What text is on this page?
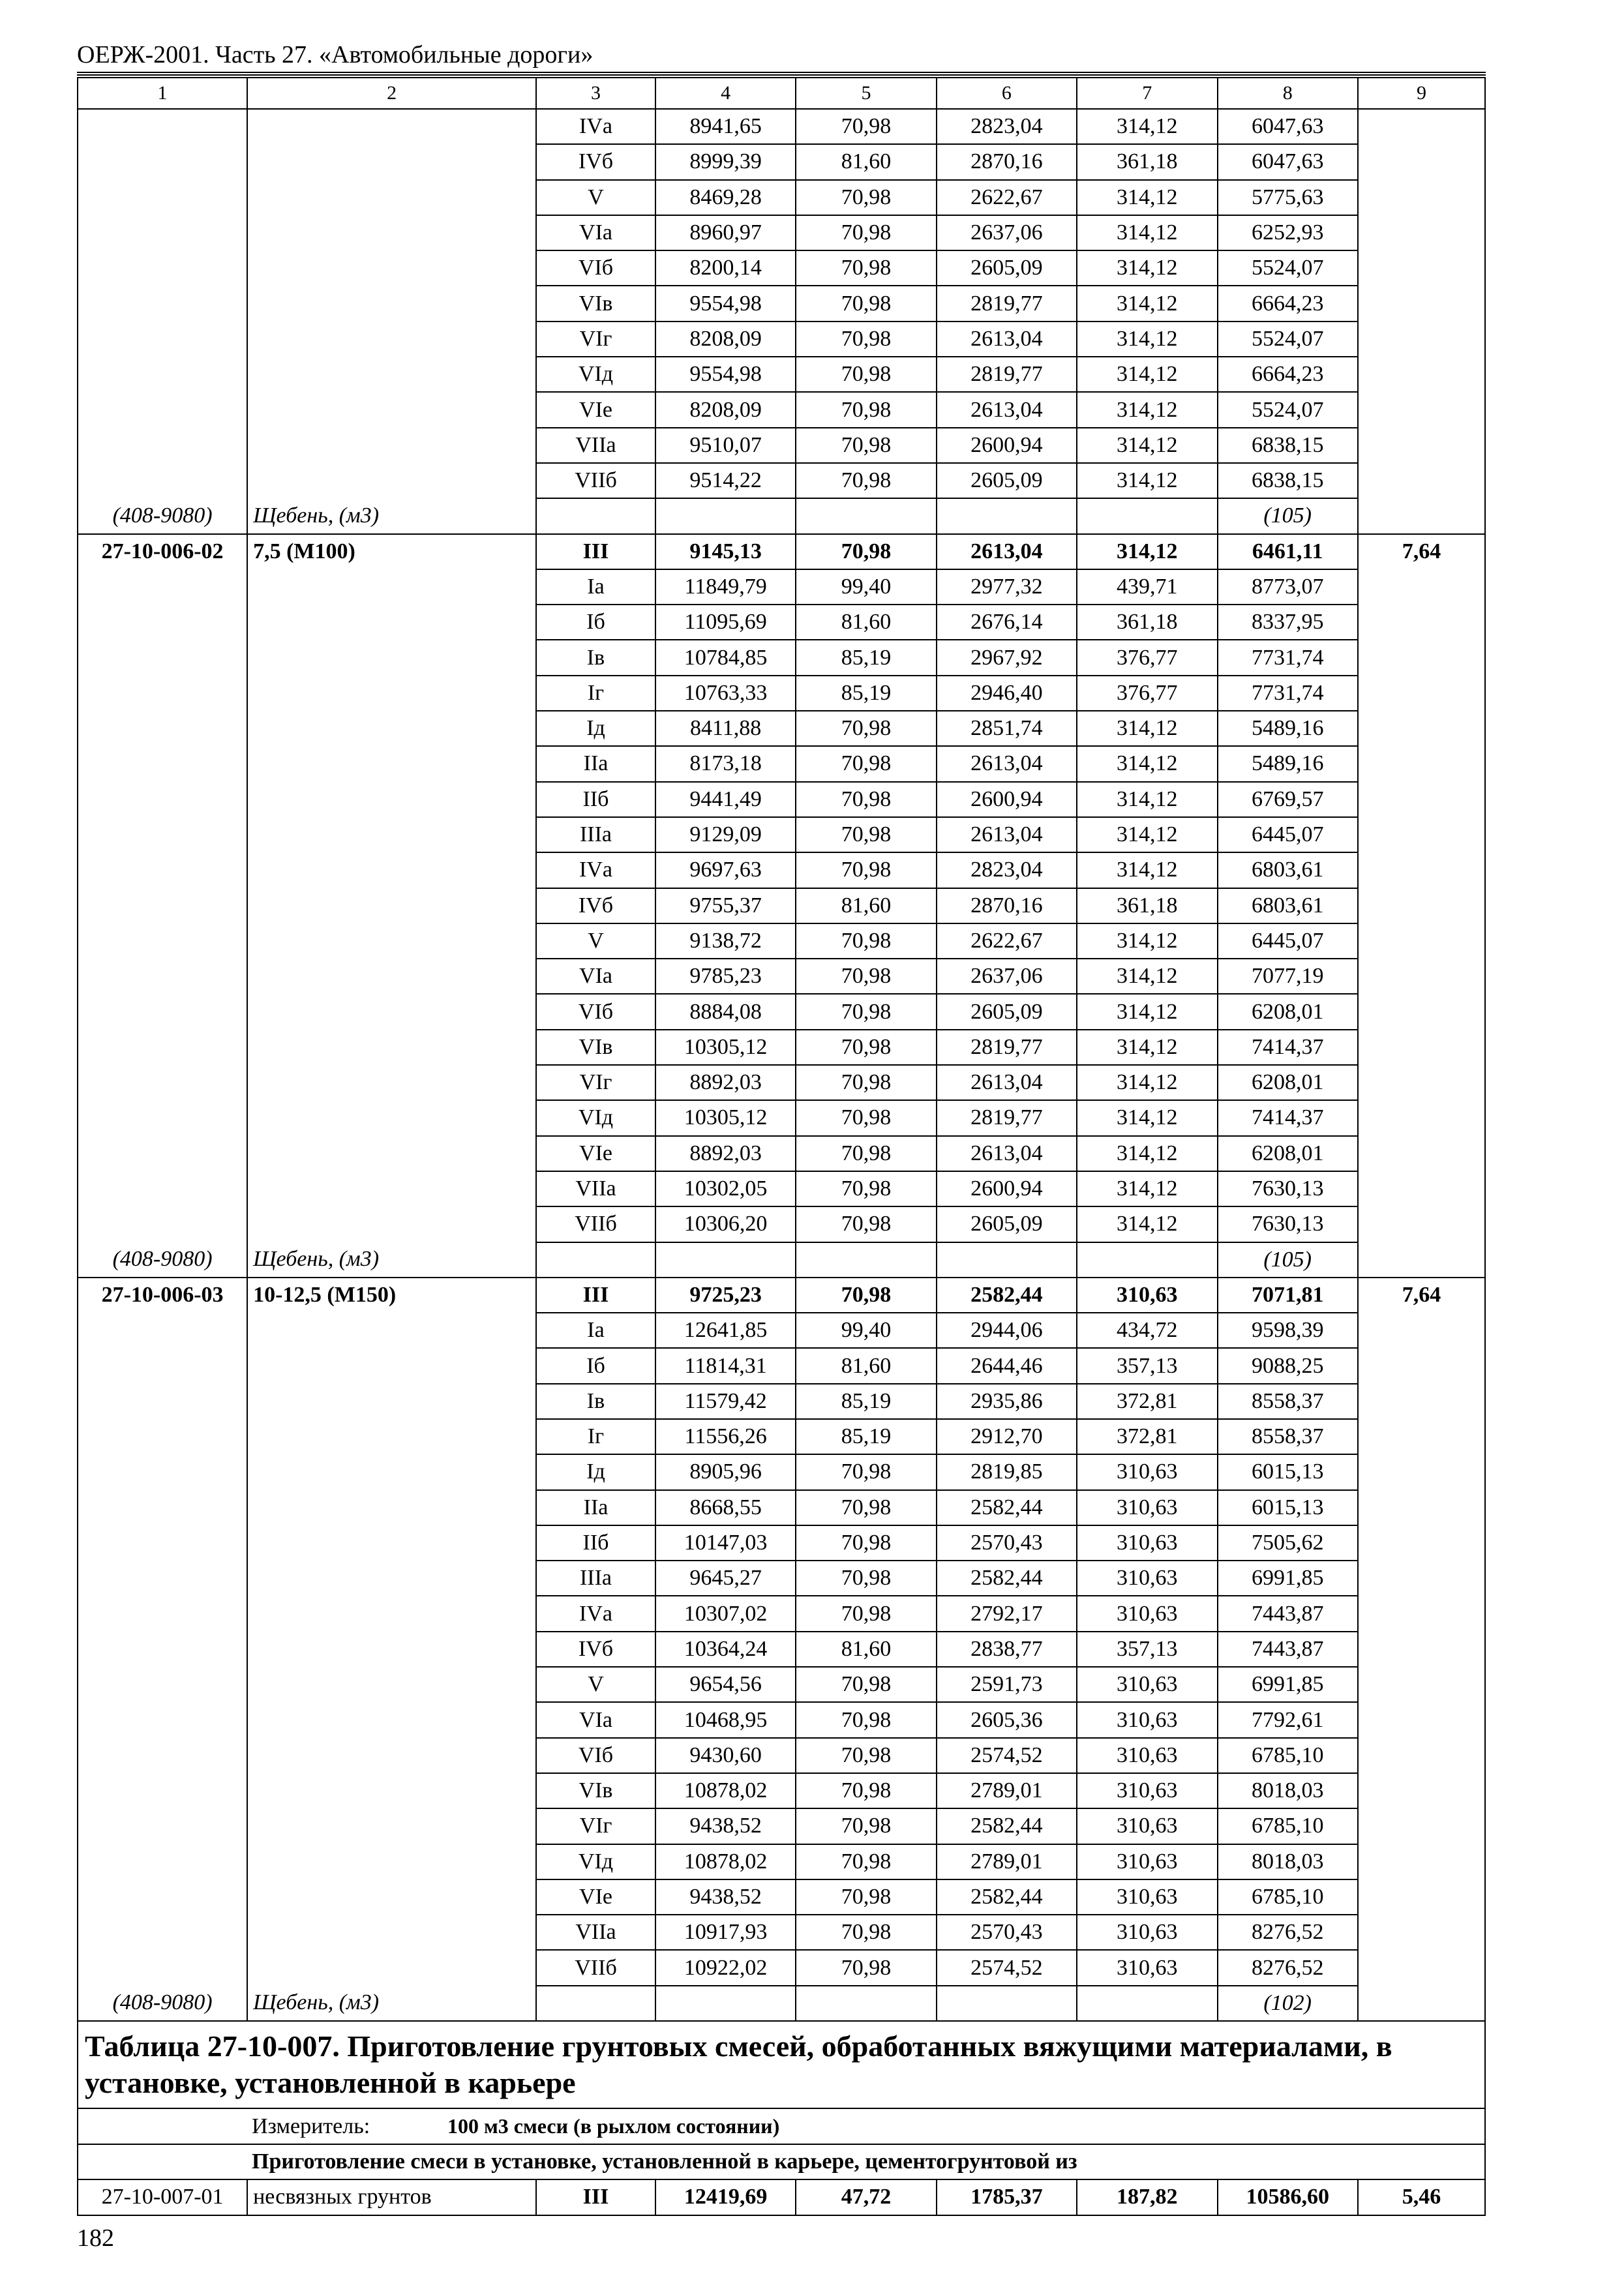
ОЕРЖ-2001. Часть 27. «Автомобильные дороги»
1	2	3	4	5	6	7	8	9
		IVа	8941,65	70,98	2823,04	314,12	6047,63	
		IVб	8999,39	81,60	2870,16	361,18	6047,63	
		V	8469,28	70,98	2622,67	314,12	5775,63	
		VIа	8960,97	70,98	2637,06	314,12	6252,93	
		VIб	8200,14	70,98	2605,09	314,12	5524,07	
		VIв	9554,98	70,98	2819,77	314,12	6664,23	
		VIг	8208,09	70,98	2613,04	314,12	5524,07	
		VIд	9554,98	70,98	2819,77	314,12	6664,23	
		VIе	8208,09	70,98	2613,04	314,12	5524,07	
		VIIа	9510,07	70,98	2600,94	314,12	6838,15	
		VIIб	9514,22	70,98	2605,09	314,12	6838,15	
(408-9080)	Щебень, (м3)						(105)	
27-10-006-02	7,5 (М100)	III	9145,13	70,98	2613,04	314,12	6461,11	7,64
		Iа	11849,79	99,40	2977,32	439,71	8773,07	
		Iб	11095,69	81,60	2676,14	361,18	8337,95	
		Iв	10784,85	85,19	2967,92	376,77	7731,74	
		Iг	10763,33	85,19	2946,40	376,77	7731,74	
		Iд	8411,88	70,98	2851,74	314,12	5489,16	
		IIа	8173,18	70,98	2613,04	314,12	5489,16	
		IIб	9441,49	70,98	2600,94	314,12	6769,57	
		IIIа	9129,09	70,98	2613,04	314,12	6445,07	
		IVа	9697,63	70,98	2823,04	314,12	6803,61	
		IVб	9755,37	81,60	2870,16	361,18	6803,61	
		V	9138,72	70,98	2622,67	314,12	6445,07	
		VIа	9785,23	70,98	2637,06	314,12	7077,19	
		VIб	8884,08	70,98	2605,09	314,12	6208,01	
		VIв	10305,12	70,98	2819,77	314,12	7414,37	
		VIг	8892,03	70,98	2613,04	314,12	6208,01	
		VIд	10305,12	70,98	2819,77	314,12	7414,37	
		VIе	8892,03	70,98	2613,04	314,12	6208,01	
		VIIа	10302,05	70,98	2600,94	314,12	7630,13	
		VIIб	10306,20	70,98	2605,09	314,12	7630,13	
(408-9080)	Щебень, (м3)						(105)	
27-10-006-03	10-12,5 (М150)	III	9725,23	70,98	2582,44	310,63	7071,81	7,64
		Iа	12641,85	99,40	2944,06	434,72	9598,39	
		Iб	11814,31	81,60	2644,46	357,13	9088,25	
		Iв	11579,42	85,19	2935,86	372,81	8558,37	
		Iг	11556,26	85,19	2912,70	372,81	8558,37	
		Iд	8905,96	70,98	2819,85	310,63	6015,13	
		IIа	8668,55	70,98	2582,44	310,63	6015,13	
		IIб	10147,03	70,98	2570,43	310,63	7505,62	
		IIIа	9645,27	70,98	2582,44	310,63	6991,85	
		IVа	10307,02	70,98	2792,17	310,63	7443,87	
		IVб	10364,24	81,60	2838,77	357,13	7443,87	
		V	9654,56	70,98	2591,73	310,63	6991,85	
		VIа	10468,95	70,98	2605,36	310,63	7792,61	
		VIб	9430,60	70,98	2574,52	310,63	6785,10	
		VIв	10878,02	70,98	2789,01	310,63	8018,03	
		VIг	9438,52	70,98	2582,44	310,63	6785,10	
		VIд	10878,02	70,98	2789,01	310,63	8018,03	
		VIе	9438,52	70,98	2582,44	310,63	6785,10	
		VIIа	10917,93	70,98	2570,43	310,63	8276,52	
		VIIб	10922,02	70,98	2574,52	310,63	8276,52	
(408-9080)	Щебень, (м3)						(102)	
Таблица 27-10-007. Приготовление грунтовых смесей, обработанных вяжущими материалами, в установке, установленной в карьере								
Измеритель: 100 м3 смеси (в рыхлом состоянии)								
Приготовление смеси в установке, установленной в карьере, цементогрунтовой из								
27-10-007-01	несвязных грунтов	III	12419,69	47,72	1785,37	187,82	10586,60	5,46
182
